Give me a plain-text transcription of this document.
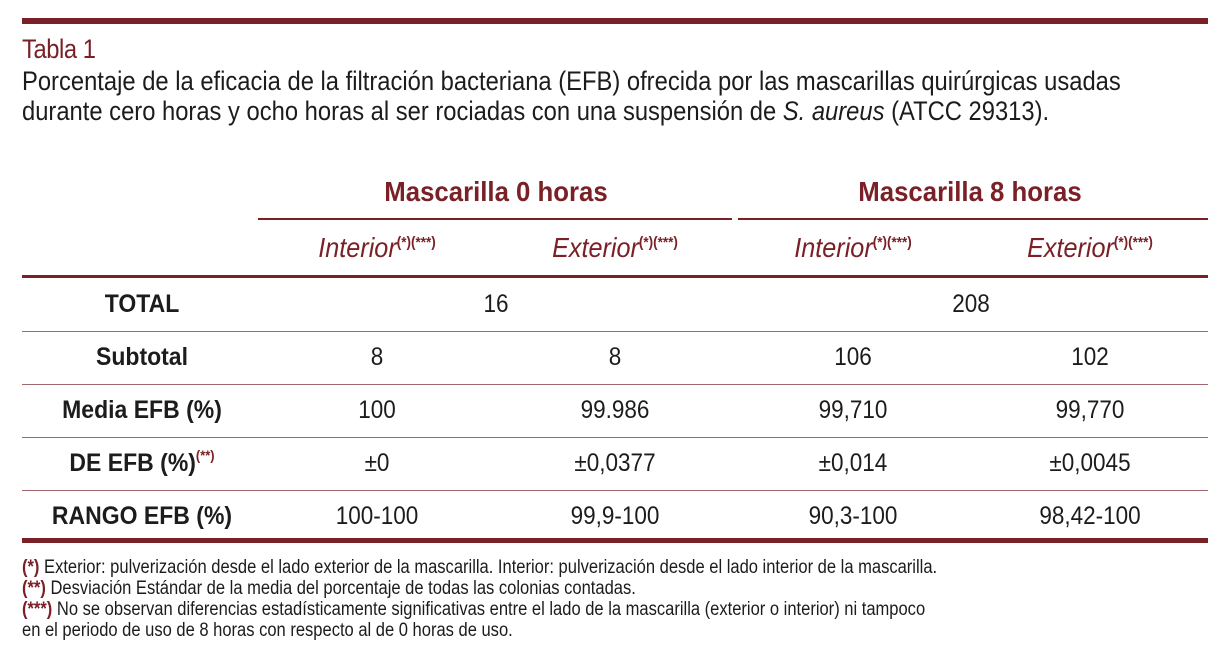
Tabla 1
Porcentaje de la eficacia de la filtración bacteriana (EFB) ofrecida por las mascarillas quirúrgicas usadas durante cero horas y ocho horas al ser rociadas con una suspensión de S. aureus (ATCC 29313).
Mascarilla 0 horas	Mascarilla 8 horas
Interior(*)(***)	Exterior(*)(***)	Interior(*)(***)	Exterior(*)(***)
TOTAL	16	208
Subtotal	8	8	106	102
Media EFB (%)	100	99.986	99,710	99,770
DE EFB (%)(**)	±0	±0,0377	±0,014	±0,0045
RANGO EFB (%)	100-100	99,9-100	90,3-100	98,42-100
(*) Exterior: pulverización desde el lado exterior de la mascarilla. Interior: pulverización desde el lado interior de la mascarilla.
(**) Desviación Estándar de la media del porcentaje de todas las colonias contadas.
(***) No se observan diferencias estadísticamente significativas entre el lado de la mascarilla (exterior o interior) ni tampoco
en el periodo de uso de 8 horas con respecto al de 0 horas de uso.
